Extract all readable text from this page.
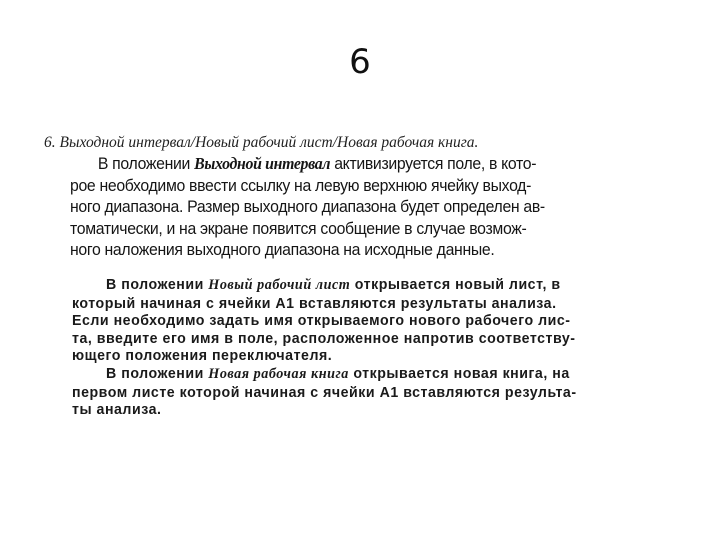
6
6. Выходной интервал/Новый рабочий лист/Новая рабочая книга.
В положении Выходной интервал активизируется поле, в кото-
рое необходимо ввести ссылку на левую верхнюю ячейку выход-
ного диапазона. Размер выходного диапазона будет определен ав-
томатически, и на экране появится сообщение в случае возмож-
ного наложения выходного диапазона на исходные данные.
В положении Новый рабочий лист открывается новый лист, в
который начиная с ячейки A1 вставляются результаты анализа.
Если необходимо задать имя открываемого нового рабочего лис-
та, введите его имя в поле, расположенное напротив соответству-
ющего положения переключателя.
В положении Новая рабочая книга открывается новая книга, на
первом листе которой начиная с ячейки A1 вставляются результа-
ты анализа.
